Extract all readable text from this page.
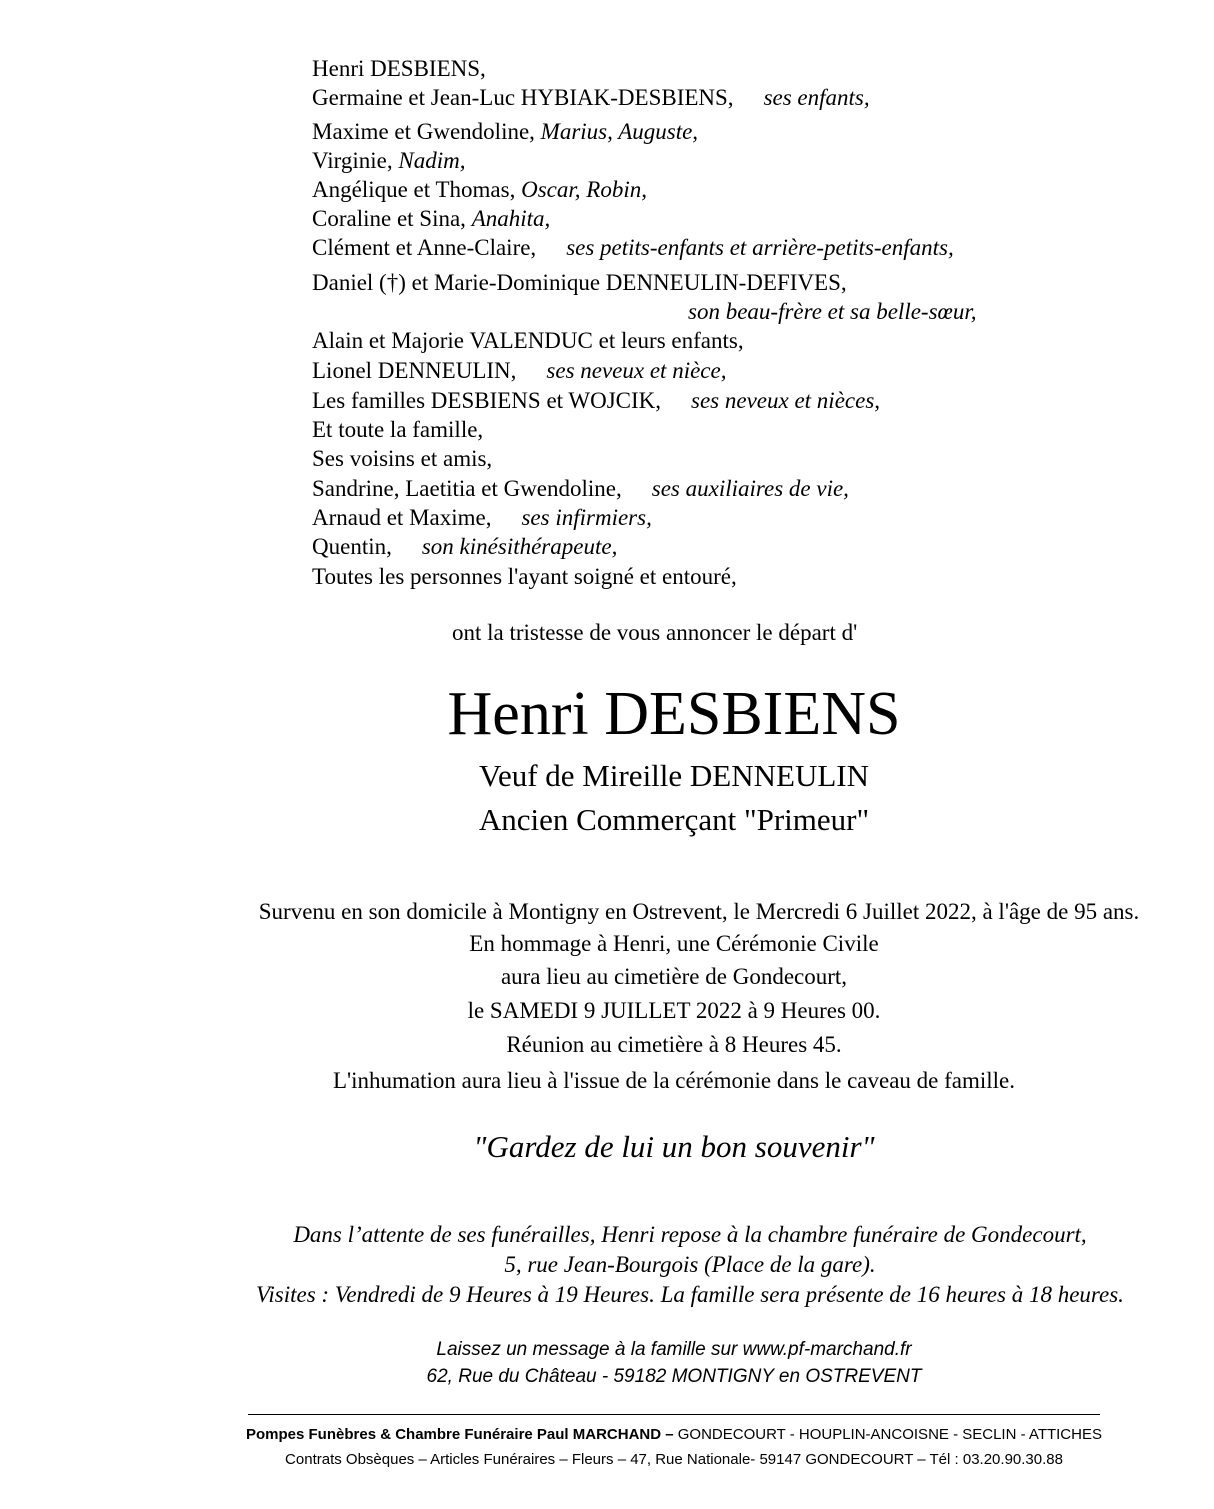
Henri DESBIENS,
Germaine et Jean-Luc HYBIAK-DESBIENS, ses enfants,
Maxime et Gwendoline, Marius, Auguste,
Virginie, Nadim,
Angélique et Thomas, Oscar, Robin,
Coraline et Sina, Anahita,
Clément et Anne-Claire, ses petits-enfants et arrière-petits-enfants,
Daniel (†) et Marie-Dominique DENNEULIN-DEFIVES,
son beau-frère et sa belle-sœur,
Alain et Majorie VALENDUC et leurs enfants,
Lionel DENNEULIN, ses neveux et nièce,
Les familles DESBIENS et WOJCIK, ses neveux et nièces,
Et toute la famille,
Ses voisins et amis,
Sandrine, Laetitia et Gwendoline, ses auxiliaires de vie,
Arnaud et Maxime, ses infirmiers,
Quentin, son kinésithérapeute,
Toutes les personnes l'ayant soigné et entouré,
ont la tristesse de vous annoncer le départ d'
Henri DESBIENS
Veuf de Mireille DENNEULIN
Ancien Commerçant "Primeur"
Survenu en son domicile à Montigny en Ostrevent, le Mercredi 6 Juillet 2022, à l'âge de 95 ans.
En hommage à Henri, une Cérémonie Civile
aura lieu au cimetière de Gondecourt,
le SAMEDI 9 JUILLET 2022 à 9 Heures 00.
Réunion au cimetière à 8 Heures 45.
L'inhumation aura lieu à l'issue de la cérémonie dans le caveau de famille.
"Gardez de lui un bon souvenir"
Dans l’attente de ses funérailles, Henri repose à la chambre funéraire de Gondecourt,
5, rue Jean-Bourgois (Place de la gare).
Visites : Vendredi de 9 Heures à 19 Heures. La famille sera présente de 16 heures à 18 heures.
Laissez un message à la famille sur www.pf-marchand.fr
62, Rue du Château - 59182 MONTIGNY en OSTREVENT
Pompes Funèbres & Chambre Funéraire Paul MARCHAND – GONDECOURT - HOUPLIN-ANCOISNE - SECLIN - ATTICHES
Contrats Obsèques – Articles Funéraires – Fleurs – 47, Rue Nationale- 59147 GONDECOURT – Tél : 03.20.90.30.88
